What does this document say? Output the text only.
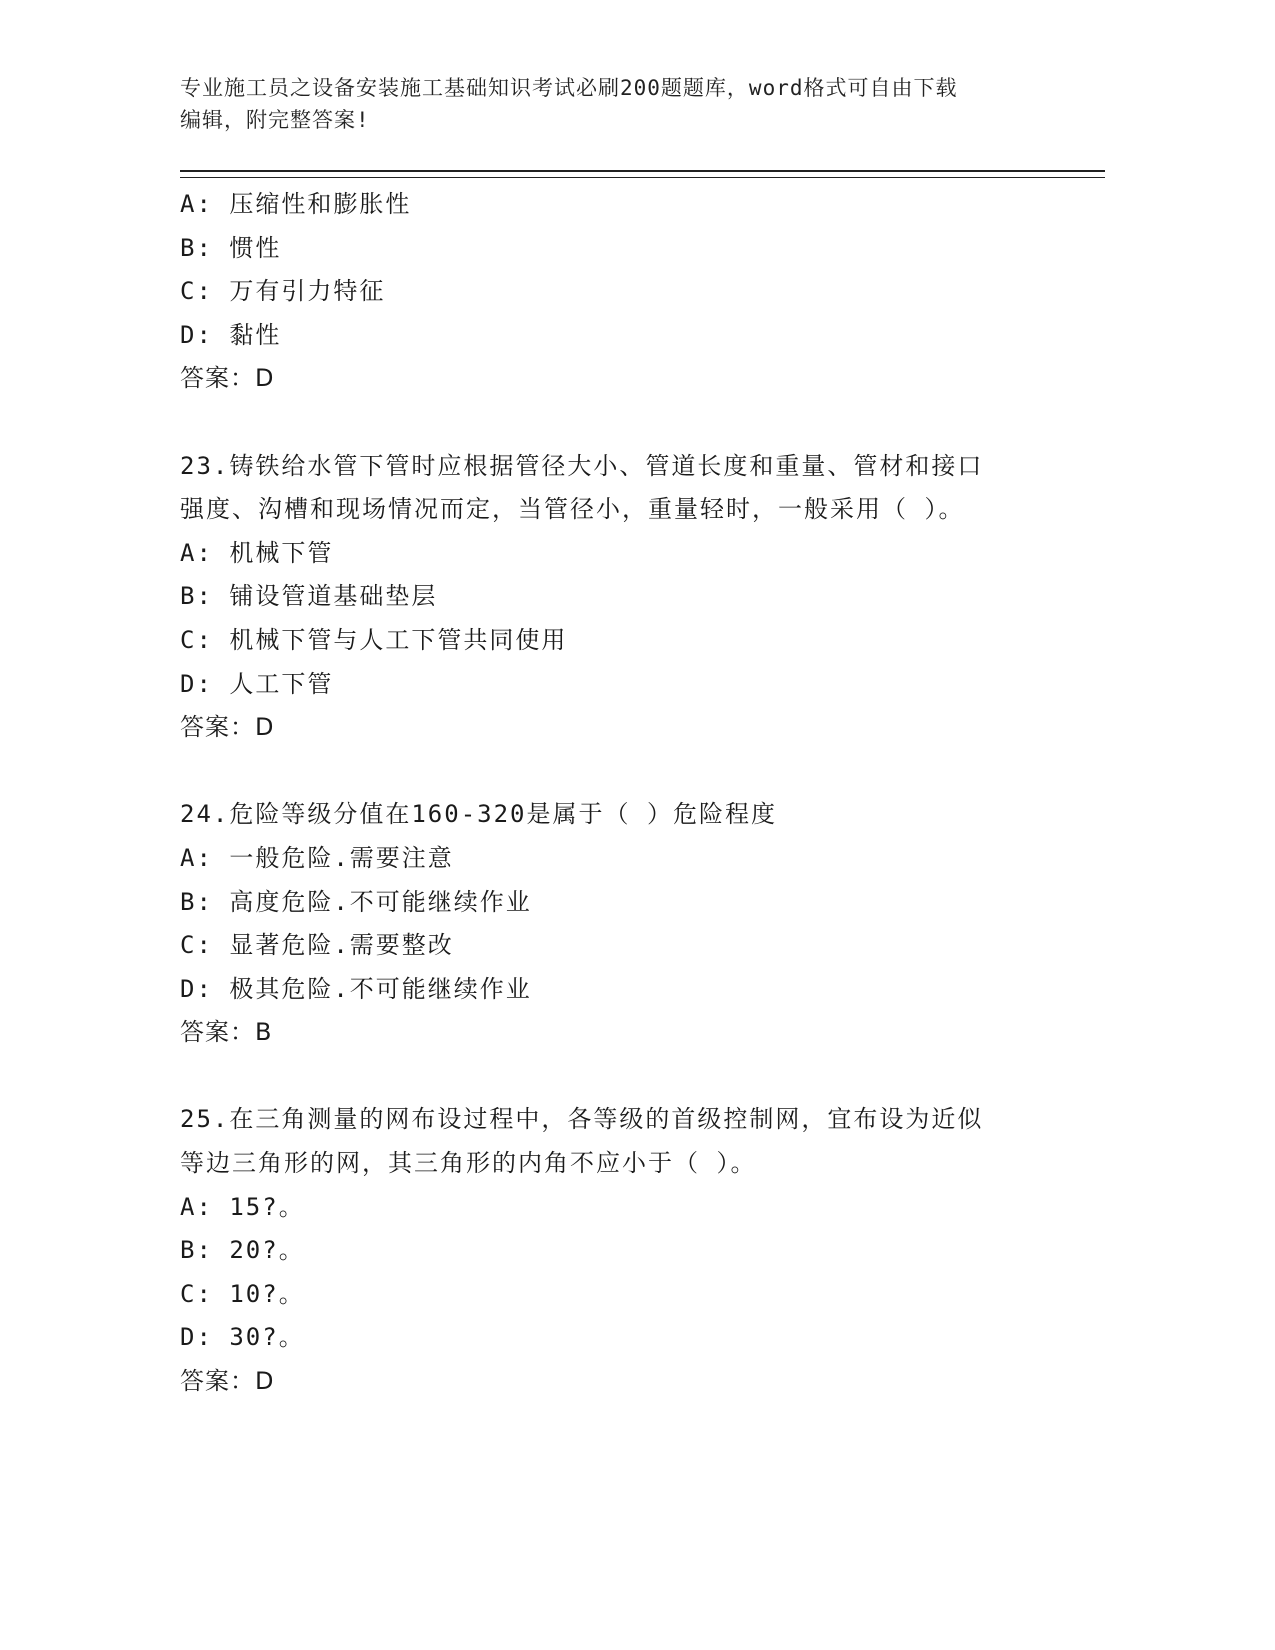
专业施工员之设备安装施工基础知识考试必刷200题题库，word格式可自由下载
编辑，附完整答案!
A: 压缩性和膨胀性
B: 惯性
C: 万有引力特征
D: 黏性
答案：D
23.铸铁给水管下管时应根据管径大小、管道长度和重量、管材和接口
强度、沟槽和现场情况而定，当管径小，重量轻时，一般采用（ ）。
A: 机械下管
B: 铺设管道基础垫层
C: 机械下管与人工下管共同使用
D: 人工下管
答案：D
24.危险等级分值在160-320是属于（ ）危险程度
A: 一般危险.需要注意
B: 高度危险.不可能继续作业
C: 显著危险.需要整改
D: 极其危险.不可能继续作业
答案：B
25.在三角测量的网布设过程中，各等级的首级控制网，宜布设为近似
等边三角形的网，其三角形的内角不应小于（ ）。
A: 15?。
B: 20?。
C: 10?。
D: 30?。
答案：D
